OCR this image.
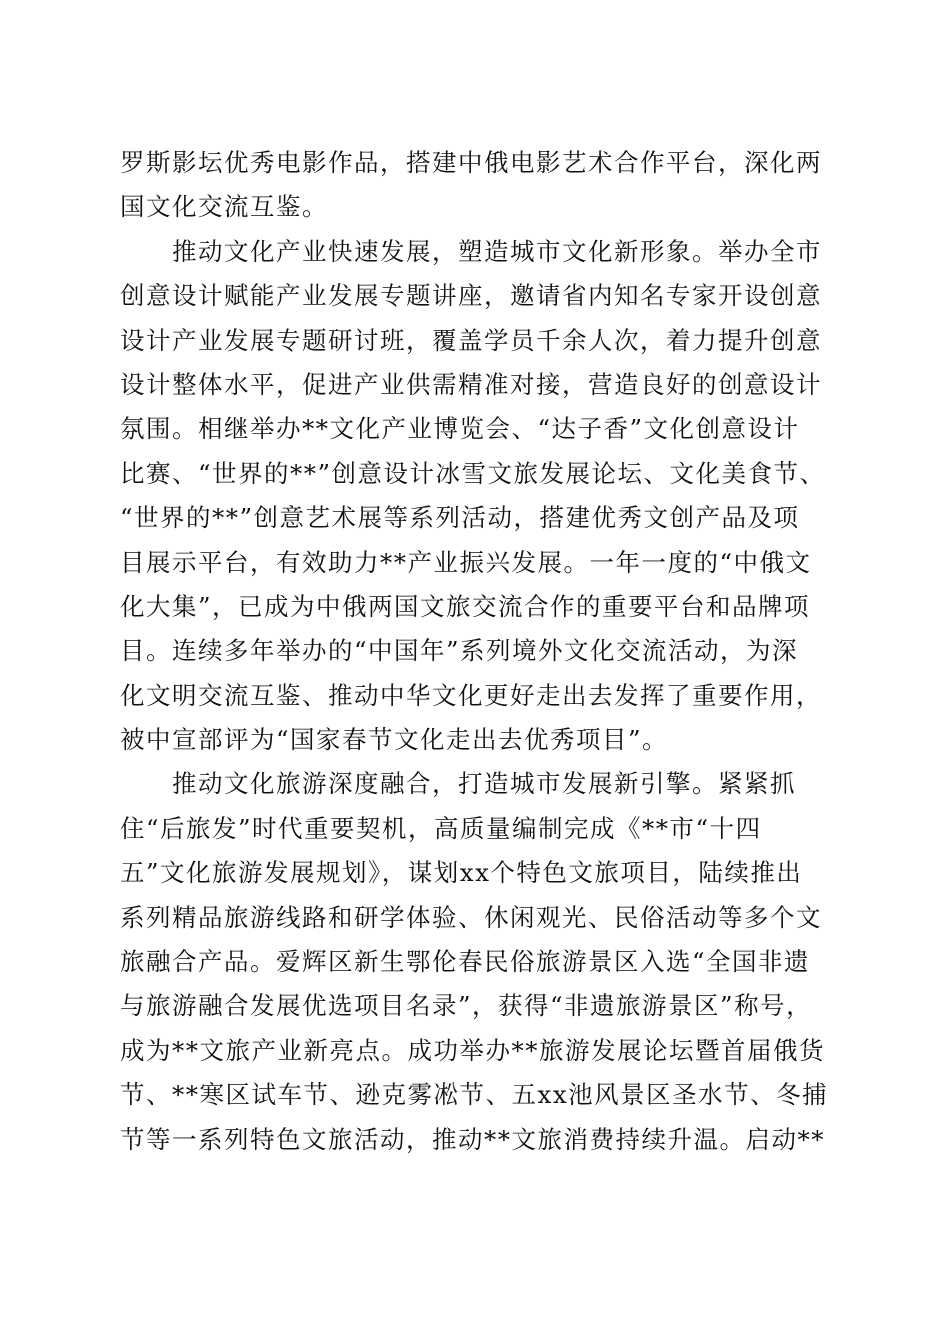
罗斯影坛优秀电影作品，搭建中俄电影艺术合作平台，深化两
国文化交流互鉴。
推动文化产业快速发展，塑造城市文化新形象。举办全市
创意设计赋能产业发展专题讲座，邀请省内知名专家开设创意
设计产业发展专题研讨班，覆盖学员千余人次，着力提升创意
设计整体水平，促进产业供需精准对接，营造良好的创意设计
氛围。相继举办**文化产业博览会、“达子香”文化创意设计
比赛、“世界的**”创意设计冰雪文旅发展论坛、文化美食节、
“世界的**”创意艺术展等系列活动，搭建优秀文创产品及项
目展示平台，有效助力**产业振兴发展。一年一度的“中俄文
化大集”，已成为中俄两国文旅交流合作的重要平台和品牌项
目。连续多年举办的“中国年”系列境外文化交流活动，为深
化文明交流互鉴、推动中华文化更好走出去发挥了重要作用，
被中宣部评为“国家春节文化走出去优秀项目”。
推动文化旅游深度融合，打造城市发展新引擎。紧紧抓
住“后旅发”时代重要契机，高质量编制完成《**市“十四
五”文化旅游发展规划》，谋划xx个特色文旅项目，陆续推出
系列精品旅游线路和研学体验、休闲观光、民俗活动等多个文
旅融合产品。爱辉区新生鄂伦春民俗旅游景区入选“全国非遗
与旅游融合发展优选项目名录”，获得“非遗旅游景区”称号，
成为**文旅产业新亮点。成功举办**旅游发展论坛暨首届俄货
节、**寒区试车节、逊克雾凇节、五xx池风景区圣水节、冬捕
节等一系列特色文旅活动，推动**文旅消费持续升温。启动**
